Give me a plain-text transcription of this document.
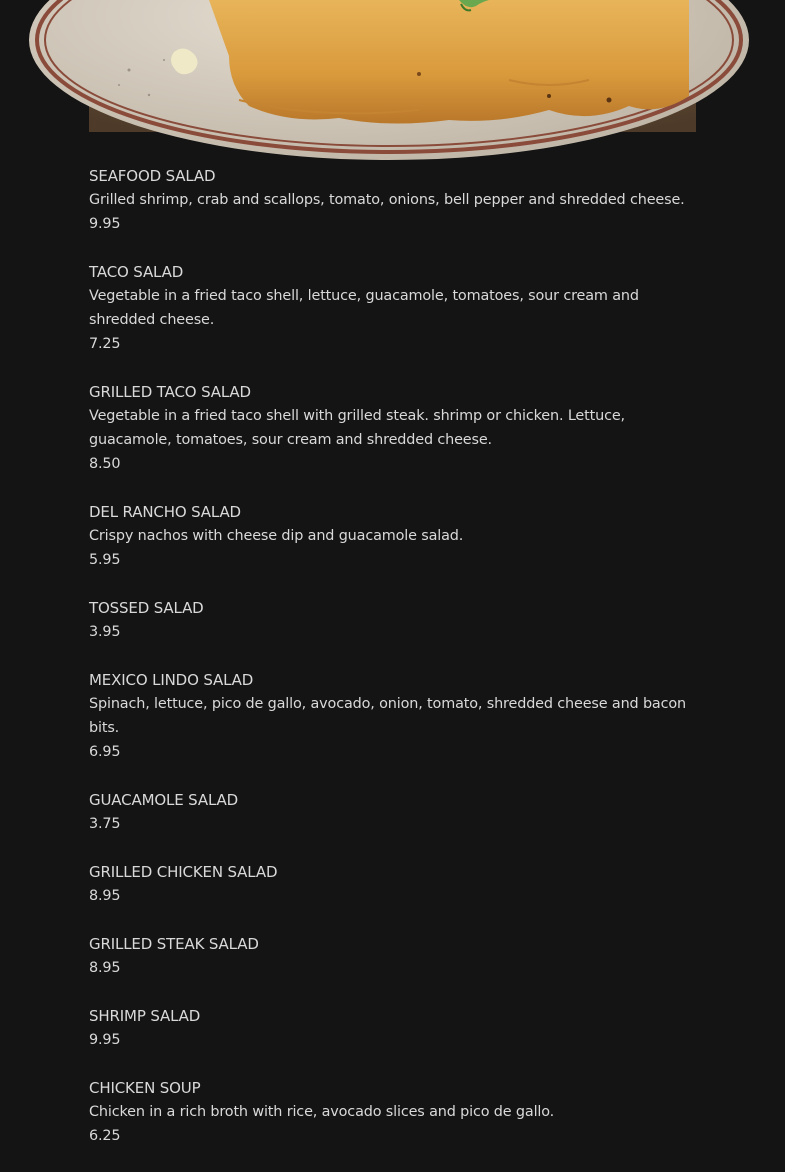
SEAFOOD SALAD
Grilled shrimp, crab and scallops, tomato, onions, bell pepper and shredded cheese.
9.95
TACO SALAD
Vegetable in a fried taco shell, lettuce, guacamole, tomatoes, sour cream and shredded cheese.
7.25
GRILLED TACO SALAD
Vegetable in a fried taco shell with grilled steak. shrimp or chicken. Lettuce, guacamole, tomatoes, sour cream and shredded cheese.
8.50
DEL RANCHO SALAD
Crispy nachos with cheese dip and guacamole salad.
5.95
TOSSED SALAD
3.95
MEXICO LINDO SALAD
Spinach, lettuce, pico de gallo, avocado, onion, tomato, shredded cheese and bacon bits.
6.95
GUACAMOLE SALAD
3.75
GRILLED CHICKEN SALAD
8.95
GRILLED STEAK SALAD
8.95
SHRIMP SALAD
9.95
CHICKEN SOUP
Chicken in a rich broth with rice, avocado slices and pico de gallo.
6.25
